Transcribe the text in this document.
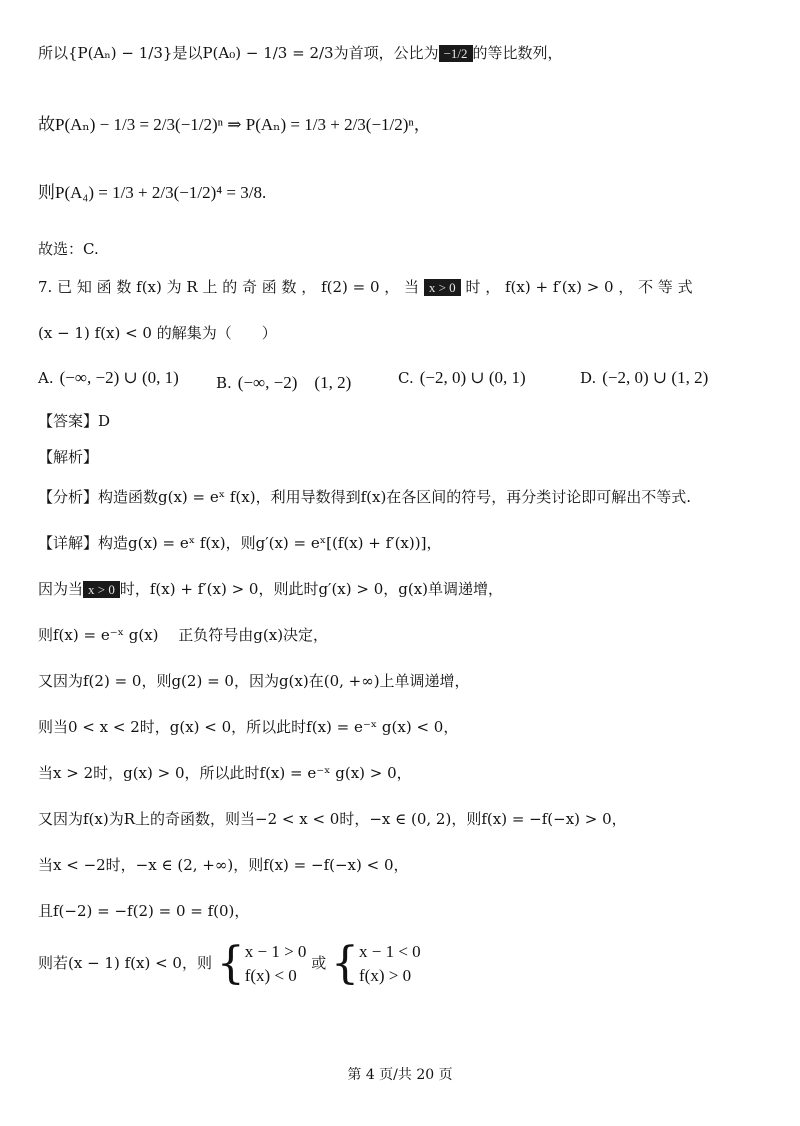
所以{P(Aₙ) − 1/3}是以P(A₀) − 1/3 = 2/3为首项，公比为 −1/2 的等比数列，
故P(Aₙ) − 1/3 = 2/3(−1/2)ⁿ ⇒ P(Aₙ) = 1/3 + 2/3(−1/2)ⁿ，
则P(A₄) = 1/3 + 2/3(−1/2)⁴ = 3/8.
故选：C.
7. 已 知 函 数 f(x) 为 R 上 的 奇 函 数 ， f(2) = 0 ， 当 x > 0 时 ， f(x) + f′(x) > 0 ， 不 等 式
(x − 1) f(x) < 0 的解集为（　　）
A. (−∞, −2) ∪ (0, 1) B. (−∞, −2)　(1, 2)	C. (−2, 0) ∪ (0, 1)	D. (−2, 0) ∪ (1, 2)
【答案】D
【解析】
【分析】构造函数g(x) = eˣ f(x)，利用导数得到f(x)在各区间的符号，再分类讨论即可解出不等式.
【详解】构造g(x) = eˣ f(x)，则g′(x) = eˣ[(f(x) + f′(x))]，
因为当 x > 0 时，f(x) + f′(x) > 0，则此时g′(x) > 0，g(x)单调递增，
则f(x) = e⁻ˣ g(x)　 正负符号由g(x)决定，
又因为f(2) = 0，则g(2) = 0，因为g(x)在(0, +∞)上单调递增，
则当0 < x < 2时，g(x) < 0，所以此时f(x) = e⁻ˣ g(x) < 0，
当x > 2时，g(x) > 0，所以此时f(x) = e⁻ˣ g(x) > 0，
又因为f(x)为R上的奇函数，则当−2 < x < 0时，−x ∈ (0, 2)，则f(x) = −f(−x) > 0，
当x < −2时，−x ∈ (2, +∞)，则f(x) = −f(−x) < 0，
且f(−2) = −f(2) = 0 = f(0)，
则若(x − 1) f(x) < 0，则 {x − 1 > 0
f(x) < 0 或 {x − 1 < 0
f(x) > 0
第 4 页/共 20 页
